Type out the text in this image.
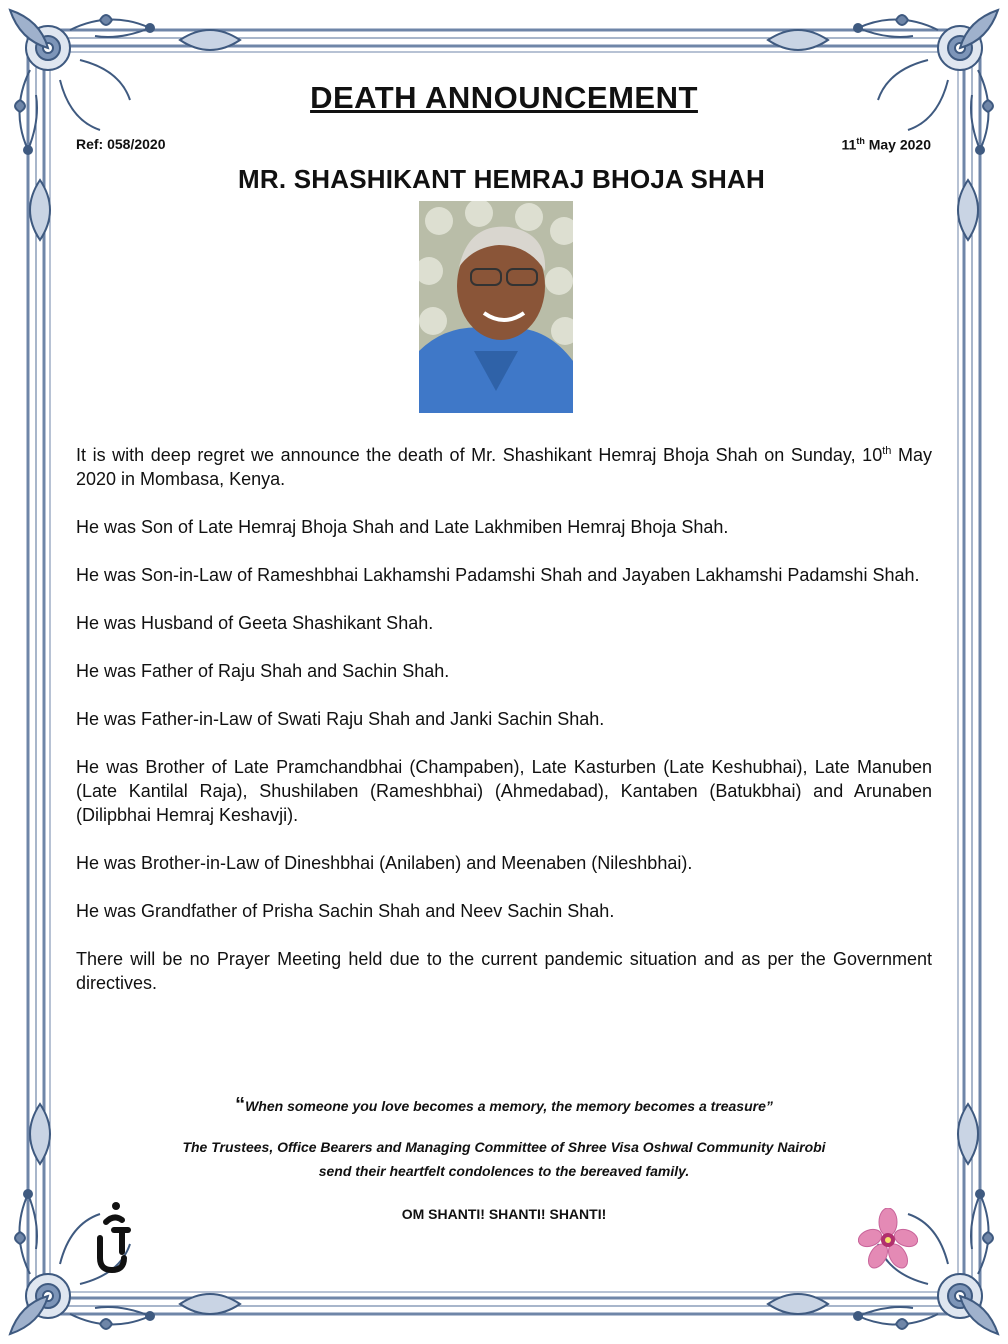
DEATH ANNOUNCEMENT
Ref: 058/2020	11th May 2020
MR. SHASHIKANT HEMRAJ BHOJA SHAH

It is with deep regret we announce the death of Mr. Shashikant Hemraj Bhoja Shah on Sunday, 10th May 2020 in Mombasa, Kenya.

He was Son of Late Hemraj Bhoja Shah and Late Lakhmiben Hemraj Bhoja Shah.

He was Son-in-Law of Rameshbhai Lakhamshi Padamshi Shah and Jayaben Lakhamshi Padamshi Shah.

He was Husband of Geeta Shashikant Shah.

He was Father of Raju Shah and Sachin Shah.

He was Father-in-Law of Swati Raju Shah and Janki Sachin Shah.

He was Brother of Late Pramchandbhai (Champaben), Late Kasturben (Late Keshubhai), Late Manuben (Late Kantilal Raja), Shushilaben (Rameshbhai) (Ahmedabad), Kantaben (Batukbhai) and Arunaben (Dilipbhai Hemraj Keshavji).

He was Brother-in-Law of Dineshbhai (Anilaben) and Meenaben (Nileshbhai).

He was Grandfather of Prisha Sachin Shah and Neev Sachin Shah.

There will be no Prayer Meeting held due to the current pandemic situation and as per the Government directives.

“When someone you love becomes a memory, the memory becomes a treasure”
The Trustees, Office Bearers and Managing Committee of Shree Visa Oshwal Community Nairobi
send their heartfelt condolences to the bereaved family.
OM SHANTI! SHANTI! SHANTI!
